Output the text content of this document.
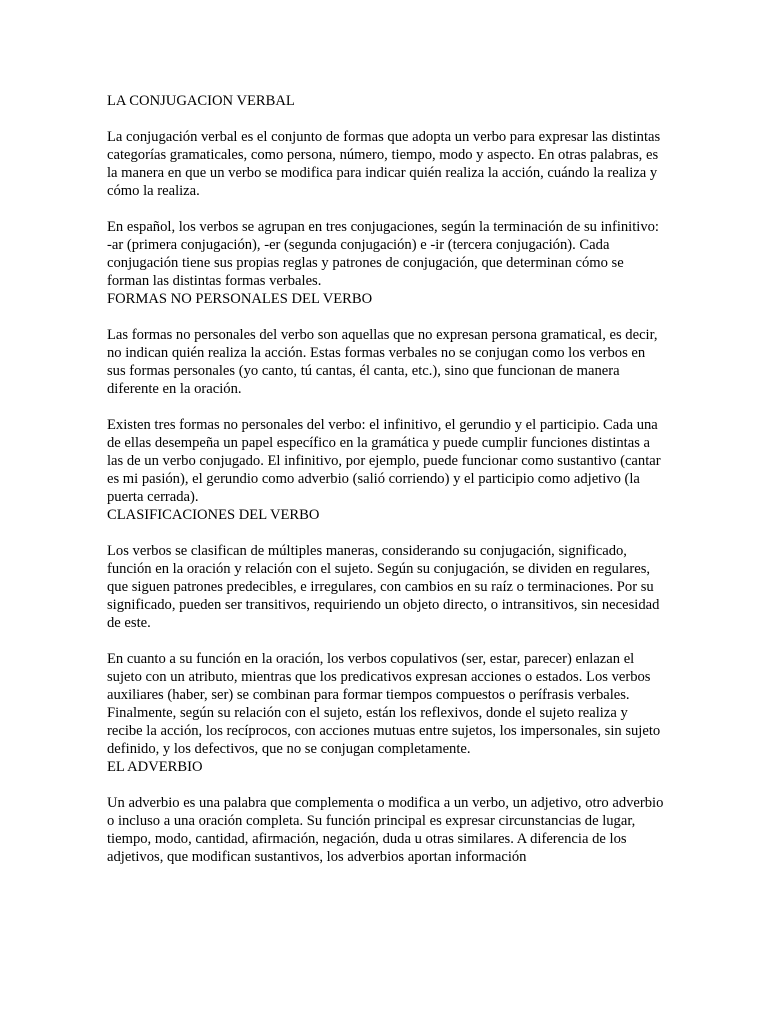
LA CONJUGACION VERBAL

La conjugación verbal es el conjunto de formas que adopta un verbo para expresar las distintas categorías gramaticales, como persona, número, tiempo, modo y aspecto. En otras palabras, es la manera en que un verbo se modifica para indicar quién realiza la acción, cuándo la realiza y cómo la realiza.

En español, los verbos se agrupan en tres conjugaciones, según la terminación de su infinitivo: -ar (primera conjugación), -er (segunda conjugación) e -ir (tercera conjugación). Cada conjugación tiene sus propias reglas y patrones de conjugación, que determinan cómo se forman las distintas formas verbales.

FORMAS NO PERSONALES DEL VERBO

Las formas no personales del verbo son aquellas que no expresan persona gramatical, es decir, no indican quién realiza la acción. Estas formas verbales no se conjugan como los verbos en sus formas personales (yo canto, tú cantas, él canta, etc.), sino que funcionan de manera diferente en la oración.

Existen tres formas no personales del verbo: el infinitivo, el gerundio y el participio. Cada una de ellas desempeña un papel específico en la gramática y puede cumplir funciones distintas a las de un verbo conjugado. El infinitivo, por ejemplo, puede funcionar como sustantivo (cantar es mi pasión), el gerundio como adverbio (salió corriendo) y el participio como adjetivo (la puerta cerrada).

CLASIFICACIONES DEL VERBO

Los verbos se clasifican de múltiples maneras, considerando su conjugación, significado, función en la oración y relación con el sujeto. Según su conjugación, se dividen en regulares, que siguen patrones predecibles, e irregulares, con cambios en su raíz o terminaciones. Por su significado, pueden ser transitivos, requiriendo un objeto directo, o intransitivos, sin necesidad de este.

En cuanto a su función en la oración, los verbos copulativos (ser, estar, parecer) enlazan el sujeto con un atributo, mientras que los predicativos expresan acciones o estados. Los verbos auxiliares (haber, ser) se combinan para formar tiempos compuestos o perífrasis verbales. Finalmente, según su relación con el sujeto, están los reflexivos, donde el sujeto realiza y recibe la acción, los recíprocos, con acciones mutuas entre sujetos, los impersonales, sin sujeto definido, y los defectivos, que no se conjugan completamente.

EL ADVERBIO

Un adverbio es una palabra que complementa o modifica a un verbo, un adjetivo, otro adverbio o incluso a una oración completa. Su función principal es expresar circunstancias de lugar, tiempo, modo, cantidad, afirmación, negación, duda u otras similares. A diferencia de los adjetivos, que modifican sustantivos, los adverbios aportan información
